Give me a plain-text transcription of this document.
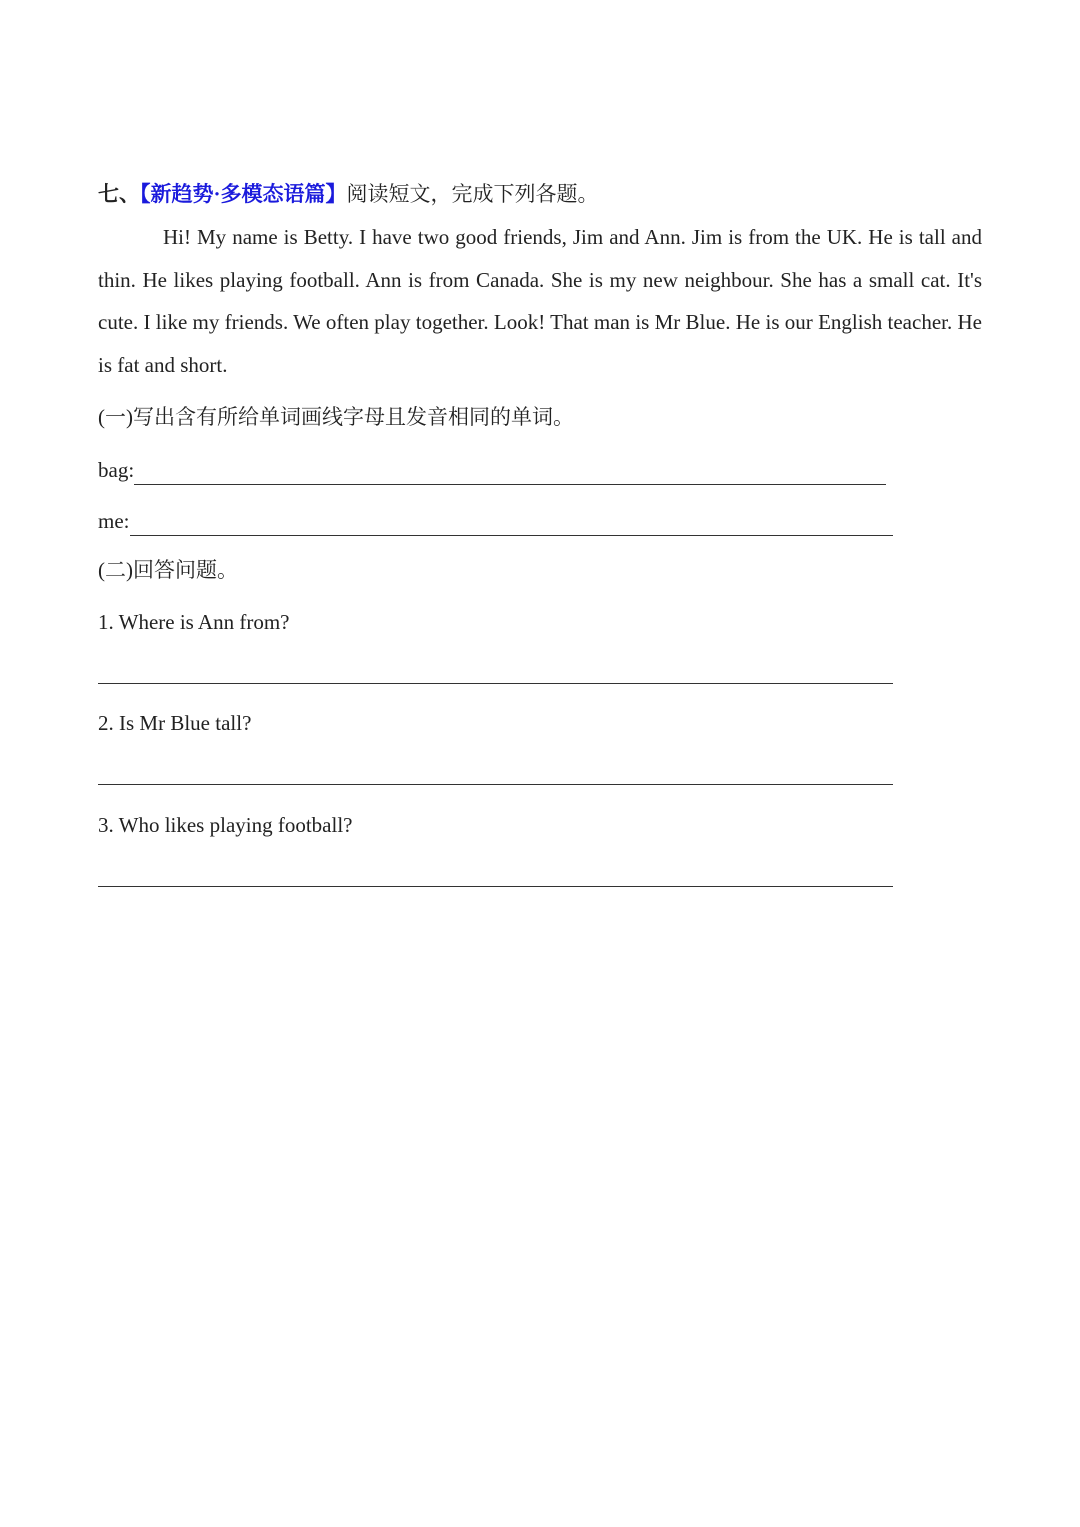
七、【新趋势·多模态语篇】阅读短文，完成下列各题。

Hi! My name is Betty. I have two good friends, Jim and Ann. Jim is from the UK. He is tall and thin. He likes playing football. Ann is from Canada. She is my new neighbour. She has a small cat. It's cute. I like my friends. We often play together. Look! That man is Mr Blue. He is our English teacher. He is fat and short.

(一)写出含有所给单词画线字母且发音相同的单词。
bag:
me:
(二)回答问题。
1. Where is Ann from?
2. Is Mr Blue tall?
3. Who likes playing football?
